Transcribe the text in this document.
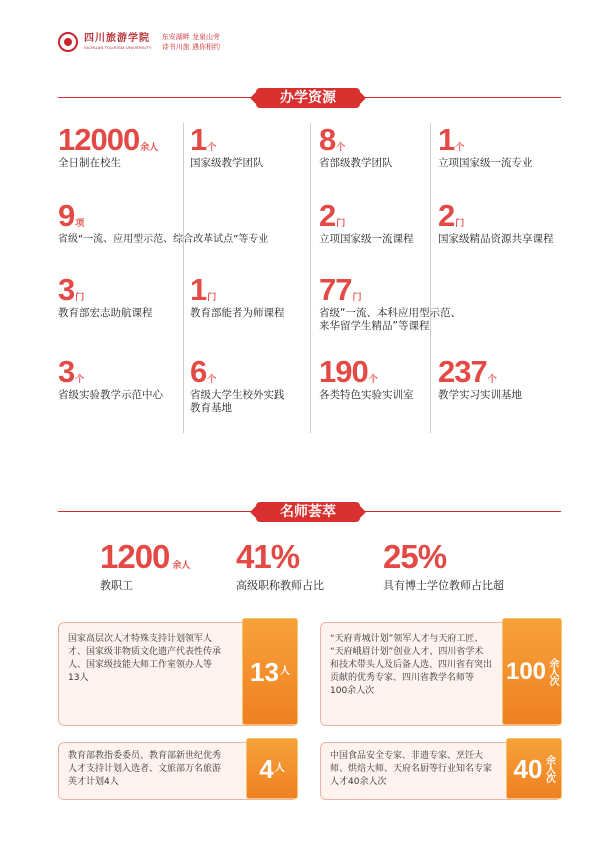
四川旅游学院
SICHUAN TOURISM UNIVERSITY
东安湖畔 龙泉山旁
诗书川旅 遇你相约
办学资源
12000余人
全日制在校生
1个
国家级教学团队
8个
省部级教学团队
1个
立项国家级一流专业
9项
省级“一流、应用型示范、综合改革试点”等专业
2门
立项国家级一流课程
2门
国家级精品资源共享课程
3门
教育部宏志助航课程
1门
教育部能者为师课程
77门
省级“一流、本科应用型示范、
来华留学生精品”等课程
3个
省级实验教学示范中心
6个
省级大学生校外实践
教育基地
190个
各类特色实验实训室
237个
教学实习实训基地
名师荟萃
1200 余人
教职工
41%
高级职称教师占比
25%
具有博士学位教师占比超
国家高层次人才特殊支持计划领军人
才、国家级非物质文化遗产代表性传承
人、国家级技能大师工作室领办人等
13人	13 人
“天府青城计划”领军人才与天府工匠、
“天府峨眉计划”创业人才、四川省学术
和技术带头人及后备人选、四川省有突出
贡献的优秀专家、四川省教学名师等
100余人次
100 余人次
教育部教指委委员、教育部新世纪优秀
人才支持计划入选者、文旅部万名旅游
英才计划4人	4 人
中国食品安全专家、非遗专家、烹饪大
师、烘焙大师、天府名厨等行业知名专家
人才40余人次	40 余人次
